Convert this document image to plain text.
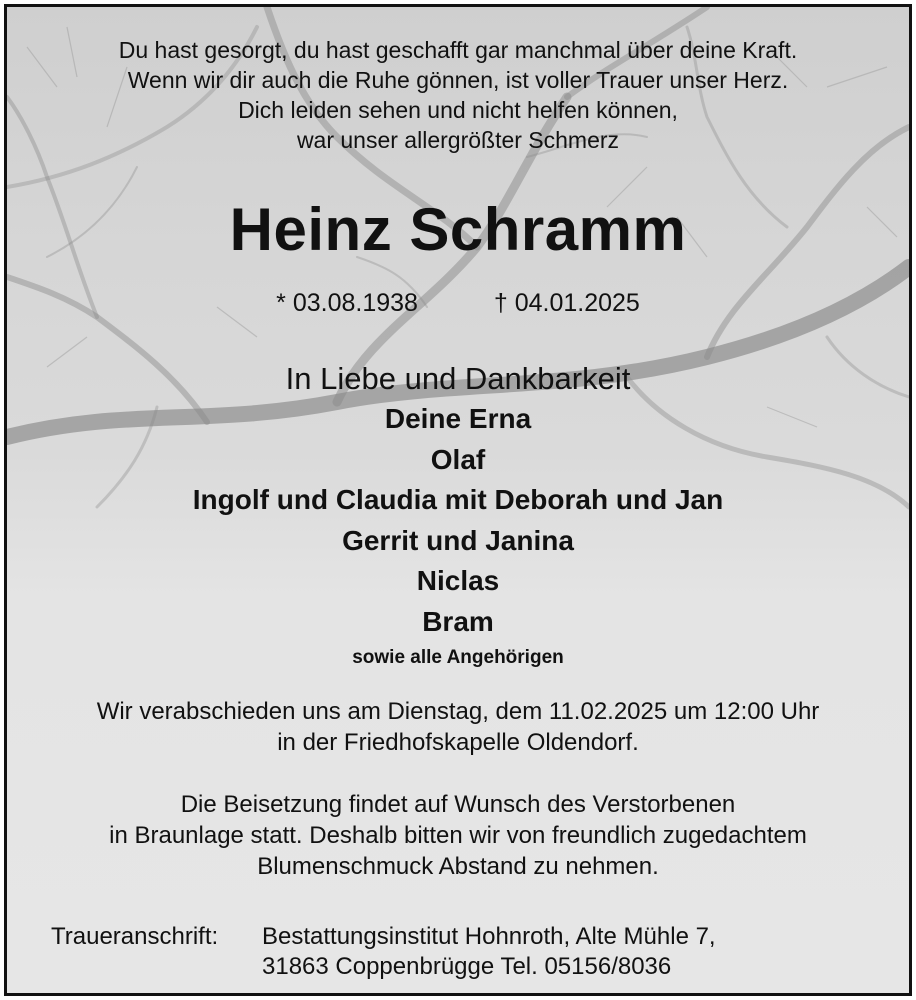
Du hast gesorgt, du hast geschafft gar manchmal über deine Kraft.
Wenn wir dir auch die Ruhe gönnen, ist voller Trauer unser Herz.
Dich leiden sehen und nicht helfen können,
war unser allergrößter Schmerz
Heinz Schramm
* 03.08.1938	† 04.01.2025
In Liebe und Dankbarkeit
Deine Erna
Olaf
Ingolf und Claudia mit Deborah und Jan
Gerrit und Janina
Niclas
Bram
sowie alle Angehörigen
Wir verabschieden uns am Dienstag, dem 11.02.2025 um 12:00 Uhr
in der Friedhofskapelle Oldendorf.
Die Beisetzung findet auf Wunsch des Verstorbenen
in Braunlage statt. Deshalb bitten wir von freundlich zugedachtem
Blumenschmuck Abstand zu nehmen.
Traueranschrift: Bestattungsinstitut Hohnroth, Alte Mühle 7,
31863 Coppenbrügge Tel. 05156/8036
